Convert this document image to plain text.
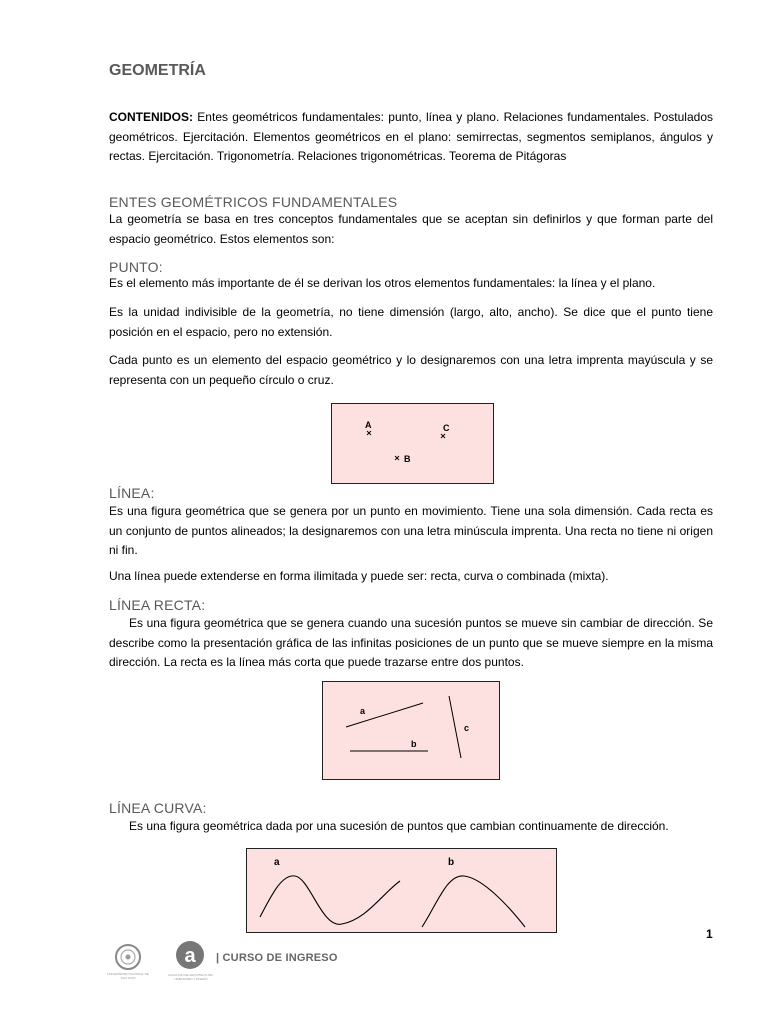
GEOMETRÍA
CONTENIDOS: Entes geométricos fundamentales: punto, línea y plano. Relaciones fundamentales. Postulados geométricos. Ejercitación. Elementos geométricos en el plano: semirrectas, segmentos semiplanos, ángulos y rectas. Ejercitación. Trigonometría. Relaciones trigonométricas. Teorema de Pitágoras
ENTES GEOMÉTRICOS FUNDAMENTALES
La geometría se basa en tres conceptos fundamentales que se aceptan sin definirlos y que forman parte del espacio geométrico. Estos elementos son:
PUNTO:
Es el elemento más importante de él se derivan los otros elementos fundamentales: la línea y el plano.
Es la unidad indivisible de la geometría, no tiene dimensión (largo, alto, ancho). Se dice que el punto tiene posición en el espacio, pero no extensión.
Cada punto es un elemento del espacio geométrico y lo designaremos con una letra imprenta mayúscula y se representa con un pequeño círculo o cruz.
LÍNEA:
Es una figura geométrica que se genera por un punto en movimiento. Tiene una sola dimensión. Cada recta es un conjunto de puntos alineados; la designaremos con una letra minúscula imprenta. Una recta no tiene ni origen ni fin.
Una línea puede extenderse en forma ilimitada y puede ser: recta, curva o combinada (mixta).
LÍNEA RECTA:
Es una figura geométrica que se genera cuando una sucesión puntos se mueve sin cambiar de dirección. Se describe como la presentación gráfica de las infinitas posiciones de un punto que se mueve siempre en la misma dirección. La recta es la línea más corta que puede trazarse entre dos puntos.
LÍNEA CURVA:
Es una figura geométrica dada por una sucesión de puntos que cambian continuamente de dirección.
A	C
B
a
b
c
a	b
1
UNIVERSIDAD NACIONAL DE SAN JUAN
a
FACULTAD DE ARQUITECTURA, URBANISMO Y DISEÑO
| CURSO DE INGRESO
